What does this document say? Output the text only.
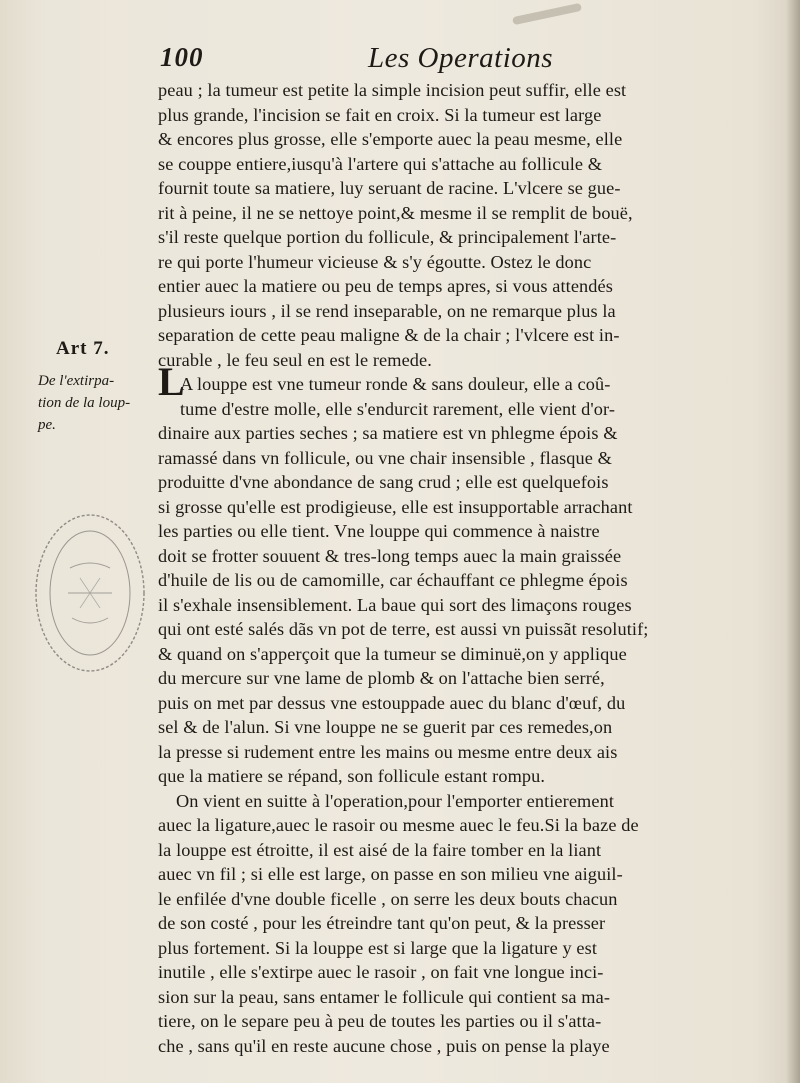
100	Les Operations
Art 7.
De l'extirpa-
tion de la loup-
pe.
peau ; la tumeur est petite la simple incision peut suffir, elle est
plus grande, l'incision se fait en croix. Si la tumeur est large
& encores plus grosse, elle s'emporte auec la peau mesme, elle
se couppe entiere,iusqu'à l'artere qui s'attache au follicule &
fournit toute sa matiere, luy seruant de racine. L'vlcere se gue-
rit à peine, il ne se nettoye point,& mesme il se remplit de bouë,
s'il reste quelque portion du follicule, & principalement l'arte-
re qui porte l'humeur vicieuse & s'y égoutte. Ostez le donc
entier auec la matiere ou peu de temps apres, si vous attendés
plusieurs iours , il se rend inseparable, on ne remarque plus la
separation de cette peau maligne & de la chair ; l'vlcere est in-
curable , le feu seul en est le remede.
A louppe est vne tumeur ronde & sans douleur, elle a coû-
tume d'estre molle, elle s'endurcit rarement, elle vient d'or-
dinaire aux parties seches ; sa matiere est vn phlegme épois &
ramassé dans vn follicule, ou vne chair insensible , flasque &
produitte d'vne abondance de sang crud ; elle est quelquefois
si grosse qu'elle est prodigieuse, elle est insupportable arrachant
les parties ou elle tient. Vne louppe qui commence à naistre
doit se frotter souuent & tres-long temps auec la main graissée
d'huile de lis ou de camomille, car échauffant ce phlegme épois
il s'exhale insensiblement. La baue qui sort des limaçons rouges
qui ont esté salés dãs vn pot de terre, est aussi vn puissãt resolutif;
& quand on s'apperçoit que la tumeur se diminuë,on y applique
du mercure sur vne lame de plomb & on l'attache bien serré,
puis on met par dessus vne estouppade auec du blanc d'œuf, du
sel & de l'alun. Si vne louppe ne se guerit par ces remedes,on
la presse si rudement entre les mains ou mesme entre deux ais
que la matiere se répand, son follicule estant rompu.
On vient en suitte à l'operation,pour l'emporter entierement
auec la ligature,auec le rasoir ou mesme auec le feu.Si la baze de
la louppe est étroitte, il est aisé de la faire tomber en la liant
auec vn fil ; si elle est large, on passe en son milieu vne aiguil-
le enfilée d'vne double ficelle , on serre les deux bouts chacun
de son costé , pour les étreindre tant qu'on peut, & la presser
plus fortement. Si la louppe est si large que la ligature y est
inutile , elle s'extirpe auec le rasoir , on fait vne longue inci-
sion sur la peau, sans entamer le follicule qui contient sa ma-
tiere, on le separe peu à peu de toutes les parties ou il s'atta-
che , sans qu'il en reste aucune chose , puis on pense la playe
L
